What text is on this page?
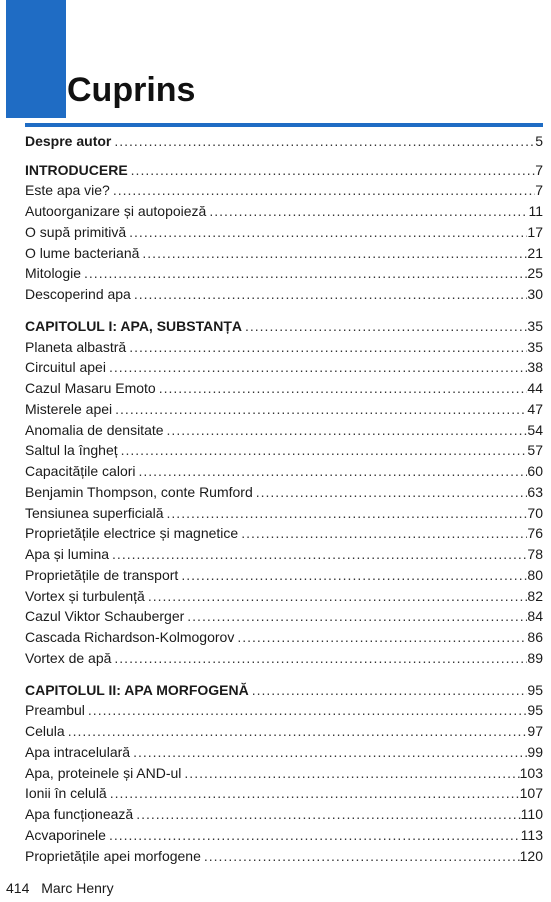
Cuprins
Despre autor .....	5
INTRODUCERE .....	7
Este apa vie? .....	7
Autoorganizare și autopoieză .....	11
O supă primitivă .....	17
O lume bacteriană .....	21
Mitologie .....	25
Descoperind apa .....	30
CAPITOLUL I: APA, SUBSTANȚA .....	35
Planeta albastră .....	35
Circuitul apei .....	38
Cazul Masaru Emoto .....	44
Misterele apei .....	47
Anomalia de densitate .....	54
Saltul la îngheț .....	57
Capacitățile calori .....	60
Benjamin Thompson, conte Rumford .....	63
Tensiunea superficială .....	70
Proprietățile electrice și magnetice .....	76
Apa și lumina .....	78
Proprietățile de transport .....	80
Vortex și turbulență .....	82
Cazul Viktor Schauberger .....	84
Cascada Richardson-Kolmogorov .....	86
Vortex de apă .....	89
CAPITOLUL II: APA MORFOGENĂ .....	95
Preambul .....	95
Celula .....	97
Apa intracelulară .....	99
Apa, proteinele și AND-ul .....	103
Ionii în celulă .....	107
Apa funcționează .....	110
Acvaporinele .....	113
Proprietățile apei morfogene .....	120
414 Marc Henry
